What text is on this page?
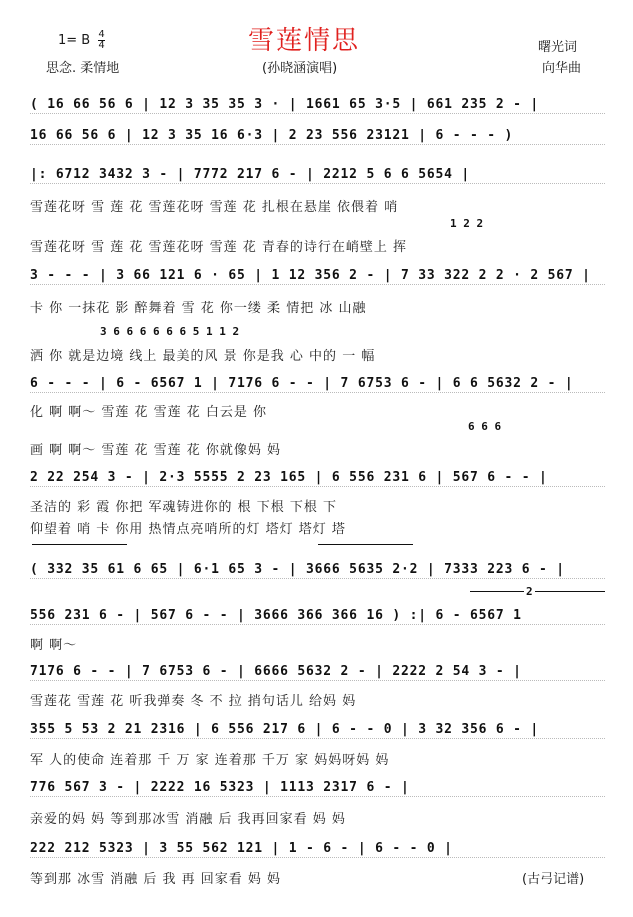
1= B $\frac{4}{4}$	雪莲情思
思念. 柔情地	(孙晓涵演唱)
曙光词
向华曲
( 16 66 56 6 | 12 3 35 35 3 · | 1661 65 3·5 | 661 235 2 - |
16 66 56 6 | 12 3 35 16 6·3 | 2 23 556 23121 | 6 - - - )
|: 6712 3432 3 - | 7772 217 6 - | 2212 5 6 6 5654 |
雪莲花呀 雪 莲 花 雪莲花呀 雪莲 花 扎根在悬崖 依偎着 哨
1 2 2
雪莲花呀 雪 莲 花 雪莲花呀 雪莲 花 青春的诗行在峭壁上 挥
3 - - - | 3 66 121 6 · 65 | 1 12 356 2 - | 7 33 322 2 2 · 2 567 |
卡 你 一抹花 影 醉舞着 雪 花 你一缕 柔 情把 冰 山融
3 6 6 6 6 6 6 5 1 1 2
洒 你 就是边境 线上 最美的风 景 你是我 心 中的 一 幅
6 - - - | 6 - 6567 1 | 7176 6 - - | 7 6753 6 - | 6 6 5632 2 - |
化 啊 啊～ 雪莲 花 雪莲 花 白云是 你
6 6 6
画 啊 啊～ 雪莲 花 雪莲 花 你就像妈 妈
2 22 254 3 - | 2·3 5555 2 23 165 | 6 556 231 6 | 567 6 - - |
圣洁的 彩 霞 你把 军魂铸进你的 根 下根 下根 下
仰望着 哨 卡 你用 热情点亮哨所的灯 塔灯 塔灯 塔
( 332 35 61 6 65 | 6·1 65 3 - | 3666 5635 2·2 | 7333 223 6 - |
2
556 231 6 - | 567 6 - - | 3666 366 366 16 ) :| 6 - 6567 1
啊 啊～
7176 6 - - | 7 6753 6 - | 6666 5632 2 - | 2222 2 54 3 - |
雪莲花 雪莲 花 听我弹奏 冬 不 拉 捎句话儿 给妈 妈
355 5 53 2 21 2316 | 6 556 217 6 | 6 - - 0 | 3 32 356 6 - |
军 人的使命 连着那 千 万 家 连着那 千万 家 妈妈呀妈 妈
776 567 3 - | 2222 16 5323 | 1113 2317 6 - |
亲爱的妈 妈 等到那冰雪 消融 后 我再回家看 妈 妈
222 212 5323 | 3 55 562 121 | 1 - 6 - | 6 - - 0 |
等到那 冰雪 消融 后 我 再 回家看 妈 妈	(古弓记谱)
